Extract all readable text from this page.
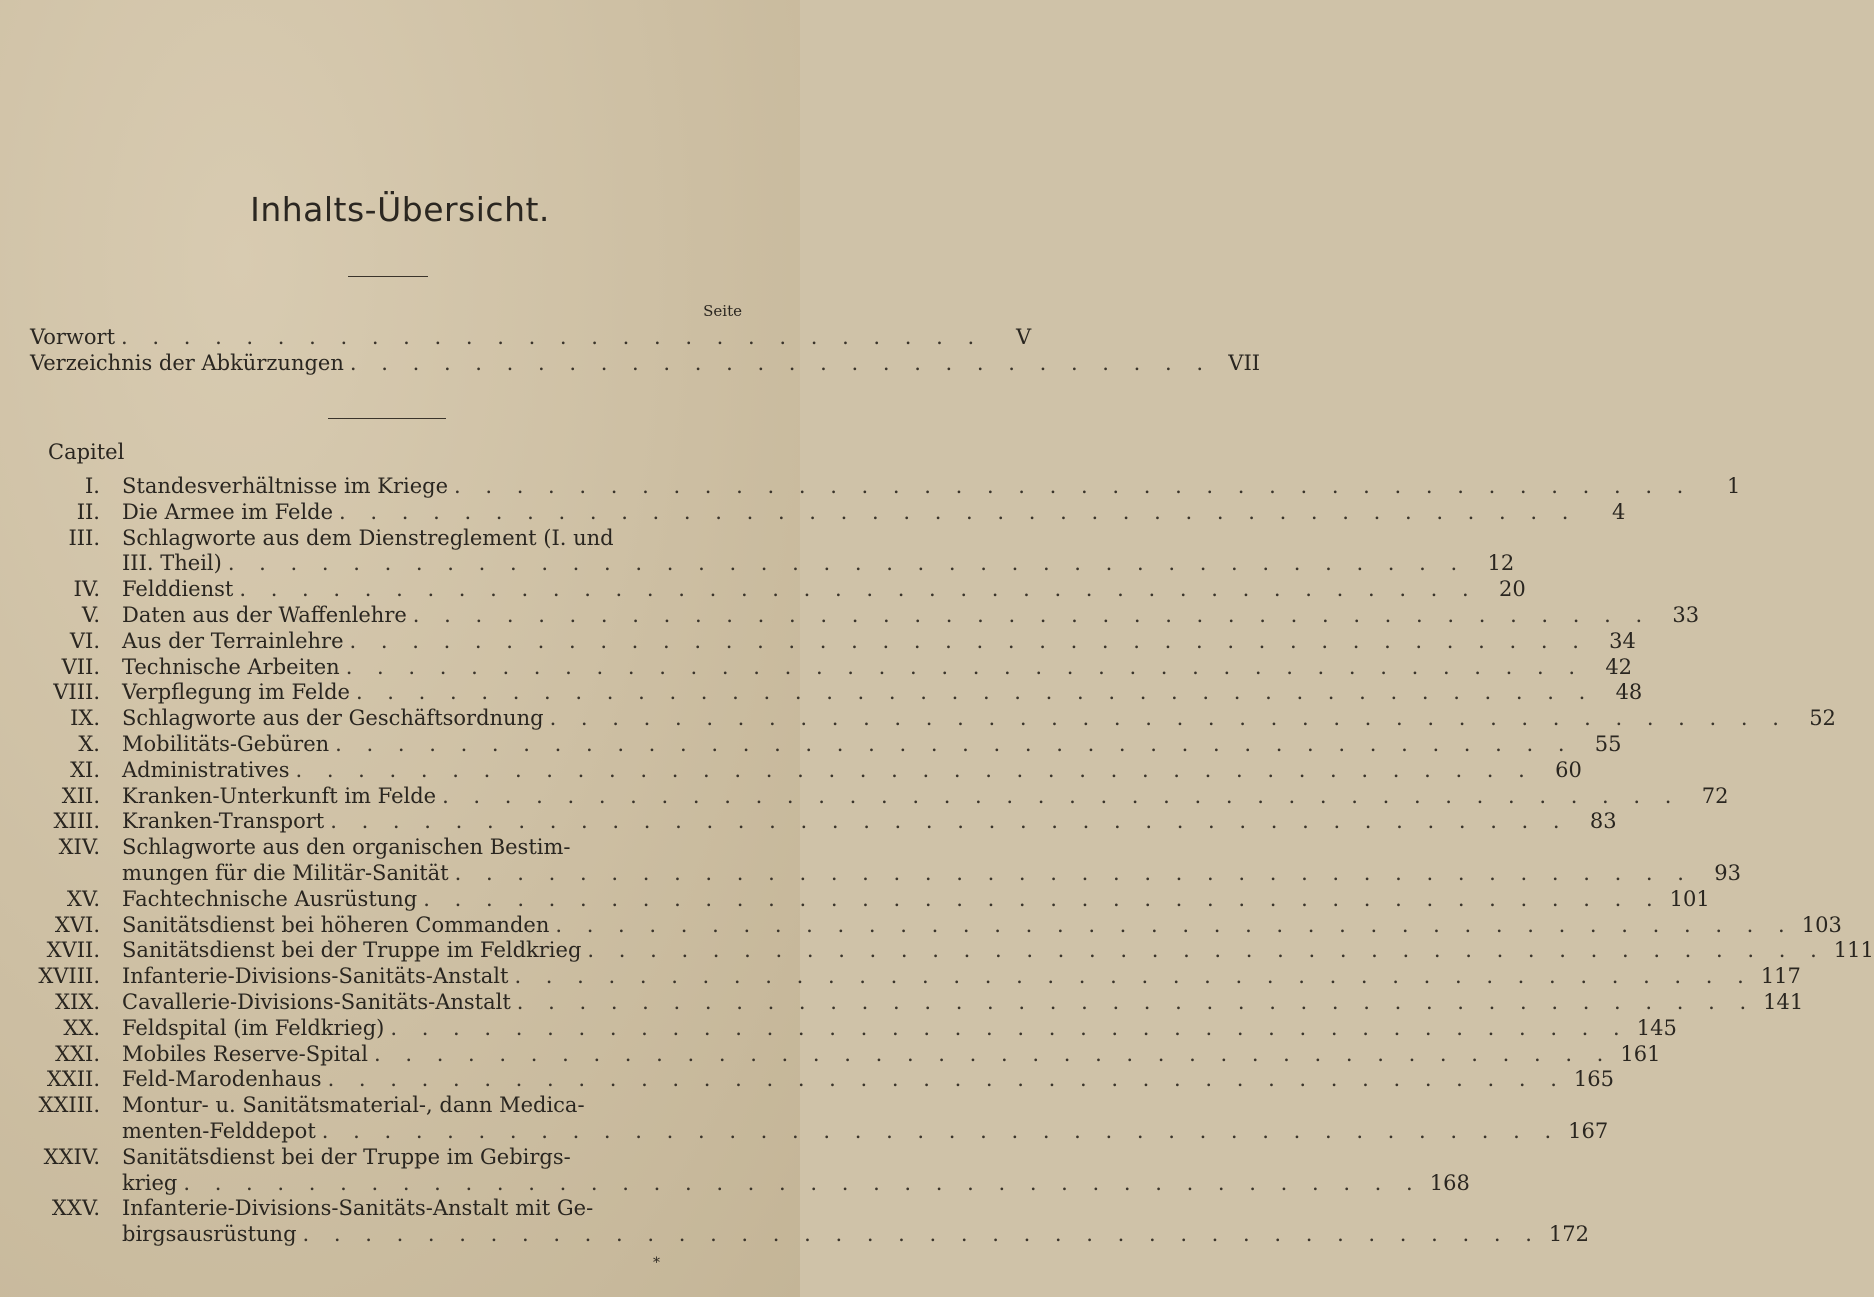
Inhalts-Übersicht.
Seite
Vorwort . . . . . . . . . . . . . . . . . . . . . . . . . . . .	V
Verzeichnis der Abkürzungen . . . . . . . . . . . . . . . . . . . . . . . . . . . . VII
Capitel
I.	Standesverhältnisse im Kriege . . . . . . . . . . . . . . . . . . . . . . . . . . . . . . . . . . . . . . . .	1
II.	Die Armee im Felde . . . . . . . . . . . . . . . . . . . . . . . . . . . . . . . . . . . . . . . .	4
III.	Schlagworte aus dem Dienstreglement (I. und
III. Theil) . . . . . . . . . . . . . . . . . . . . . . . . . . . . . . . . . . . . . . . .	12
IV.	Felddienst . . . . . . . . . . . . . . . . . . . . . . . . . . . . . . . . . . . . . . . .	20
V.	Daten aus der Waffenlehre . . . . . . . . . . . . . . . . . . . . . . . . . . . . . . . . . . . . . . . .	33
VI.	Aus der Terrainlehre . . . . . . . . . . . . . . . . . . . . . . . . . . . . . . . . . . . . . . . .	34
VII.	Technische Arbeiten . . . . . . . . . . . . . . . . . . . . . . . . . . . . . . . . . . . . . . . .	42
VIII.	Verpflegung im Felde . . . . . . . . . . . . . . . . . . . . . . . . . . . . . . . . . . . . . . . .	48
IX.	Schlagworte aus der Geschäftsordnung . . . . . . . . . . . . . . . . . . . . . . . . . . . . . . . . . . . . . . . .	52
X.	Mobilitäts-Gebüren . . . . . . . . . . . . . . . . . . . . . . . . . . . . . . . . . . . . . . . .	55
XI.	Administratives . . . . . . . . . . . . . . . . . . . . . . . . . . . . . . . . . . . . . . . .	60
XII.	Kranken-Unterkunft im Felde . . . . . . . . . . . . . . . . . . . . . . . . . . . . . . . . . . . . . . . .	72
XIII.	Kranken-Transport . . . . . . . . . . . . . . . . . . . . . . . . . . . . . . . . . . . . . . . .	83
XIV.	Schlagworte aus den organischen Bestim-
mungen für die Militär-Sanität . . . . . . . . . . . . . . . . . . . . . . . . . . . . . . . . . . . . . . . .	93
XV.	Fachtechnische Ausrüstung . . . . . . . . . . . . . . . . . . . . . . . . . . . . . . . . . . . . . . . . 101
XVI.	Sanitätsdienst bei höheren Commanden . . . . . . . . . . . . . . . . . . . . . . . . . . . . . . . . . . . . . . . . 103
XVII.	Sanitätsdienst bei der Truppe im Feldkrieg . . . . . . . . . . . . . . . . . . . . . . . . . . . . . . . . . . . . . . . . 111
XVIII.	Infanterie-Divisions-Sanitäts-Anstalt . . . . . . . . . . . . . . . . . . . . . . . . . . . . . . . . . . . . . . . . 117
XIX.	Cavallerie-Divisions-Sanitäts-Anstalt . . . . . . . . . . . . . . . . . . . . . . . . . . . . . . . . . . . . . . . . 141
XX.	Feldspital (im Feldkrieg) . . . . . . . . . . . . . . . . . . . . . . . . . . . . . . . . . . . . . . . . 145
XXI.	Mobiles Reserve-Spital . . . . . . . . . . . . . . . . . . . . . . . . . . . . . . . . . . . . . . . . 161
XXII.	Feld-Marodenhaus . . . . . . . . . . . . . . . . . . . . . . . . . . . . . . . . . . . . . . . . 165
XXIII.	Montur- u. Sanitätsmaterial-, dann Medica-
menten-Felddepot . . . . . . . . . . . . . . . . . . . . . . . . . . . . . . . . . . . . . . . . 167
XXIV.	Sanitätsdienst bei der Truppe im Gebirgs-
krieg . . . . . . . . . . . . . . . . . . . . . . . . . . . . . . . . . . . . . . . . 168
XXV.	Infanterie-Divisions-Sanitäts-Anstalt mit Ge-
birgsausrüstung . . . . . . . . . . . . . . . . . . . . . . . . . . . . . . . . . . . . . . . . 172
*
